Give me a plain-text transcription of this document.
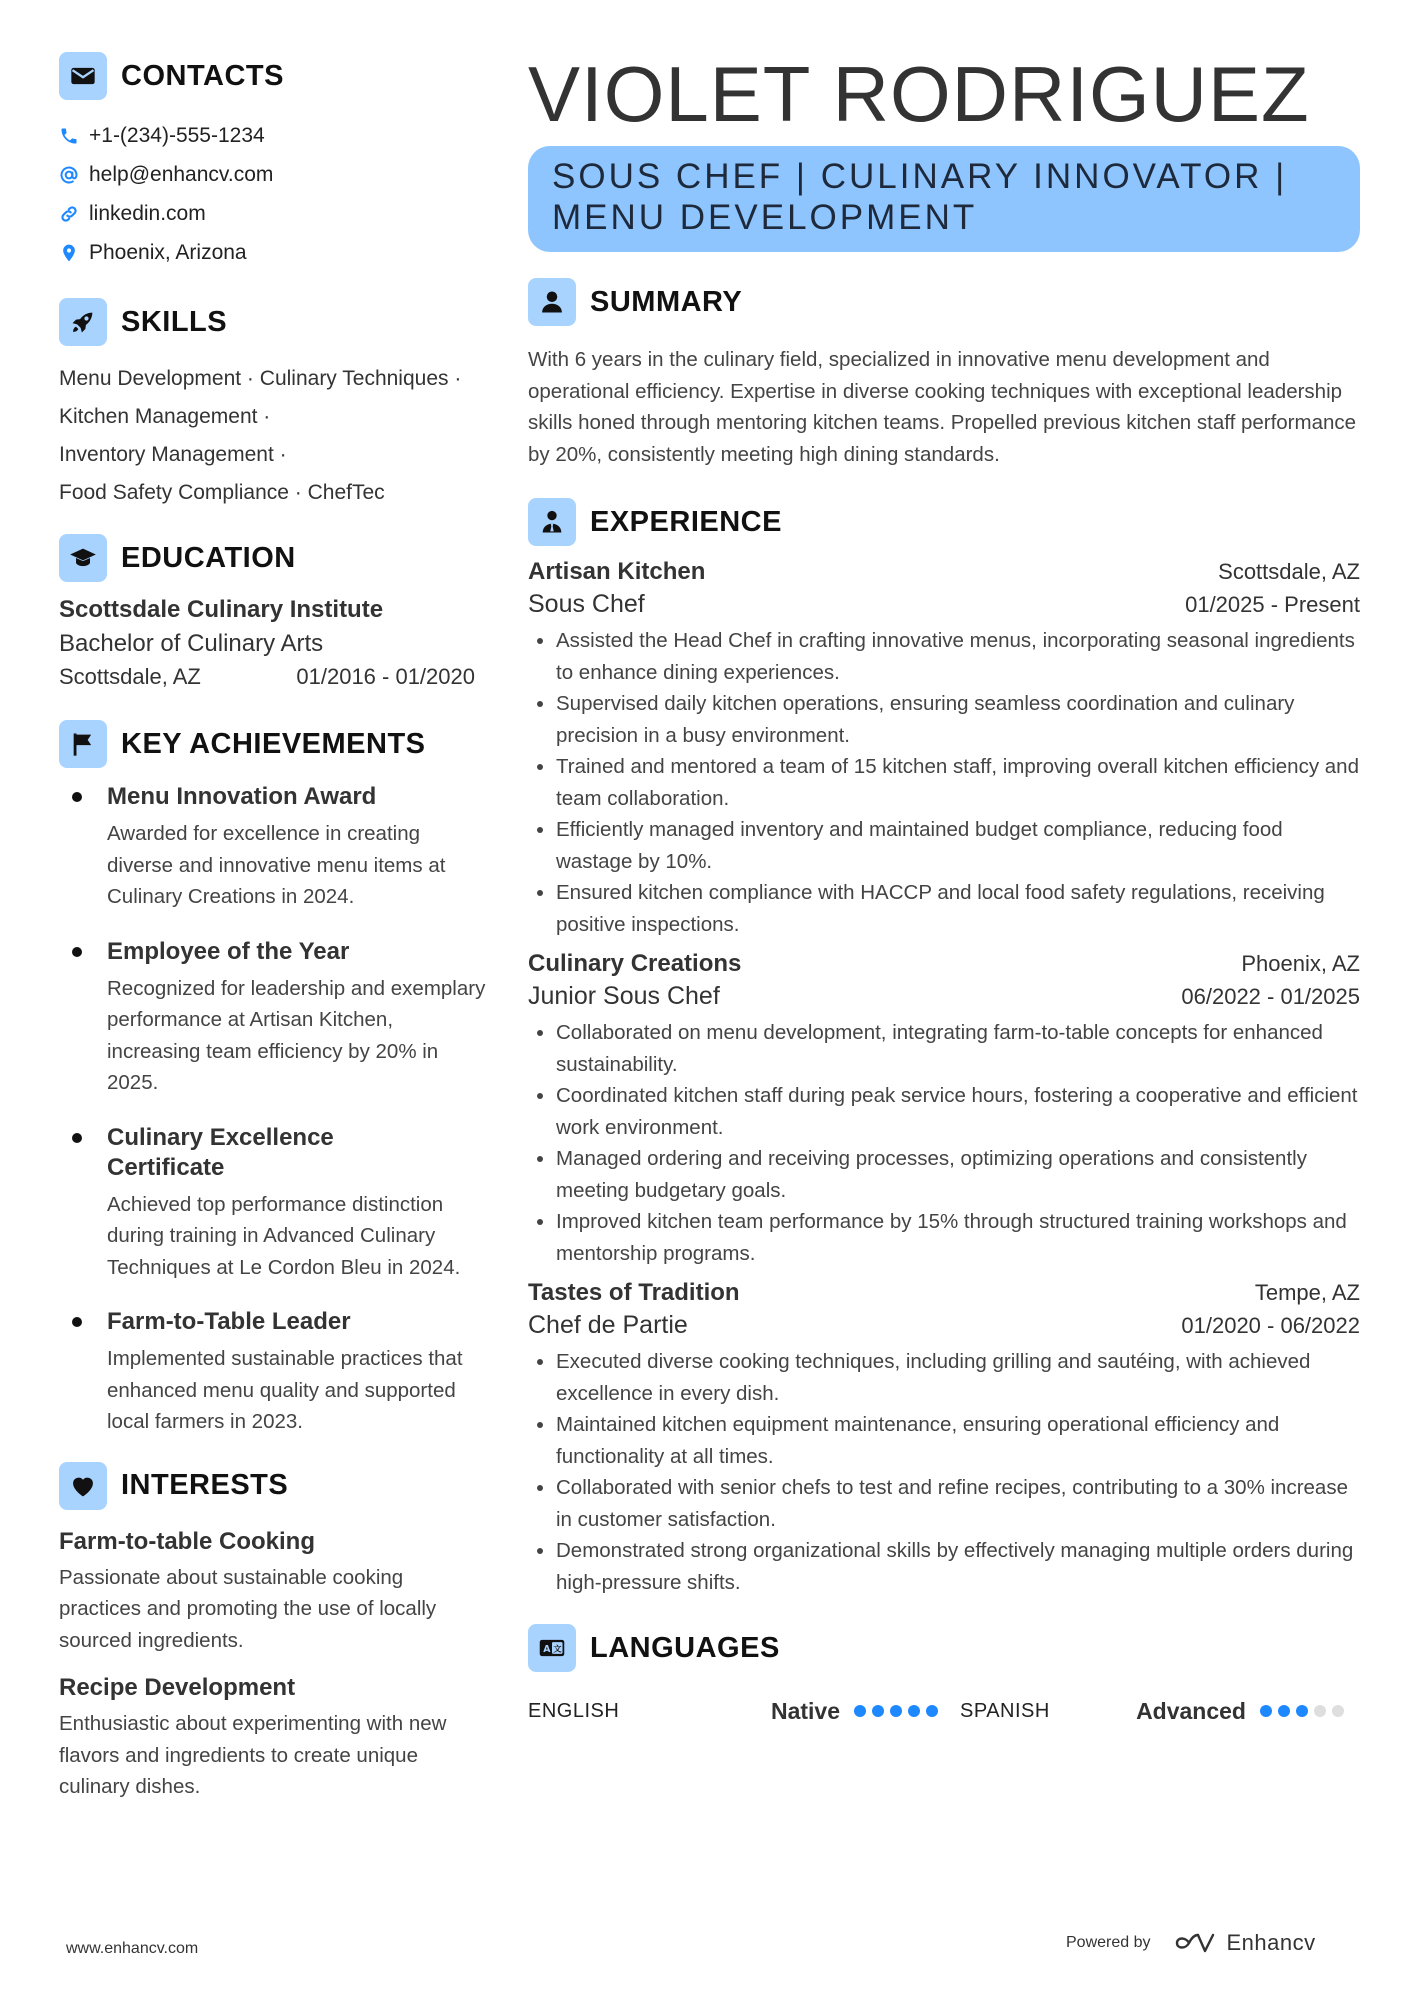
CONTACTS
+1-(234)-555-1234
help@enhancv.com
linkedin.com
Phoenix, Arizona
SKILLS
Menu Development · Culinary Techniques ·
Kitchen Management ·
Inventory Management ·
Food Safety Compliance · ChefTec
EDUCATION
Scottsdale Culinary Institute
Bachelor of Culinary Arts
Scottsdale, AZ	01/2016 - 01/2020
KEY ACHIEVEMENTS
Menu Innovation Award
Awarded for excellence in creating diverse and innovative menu items at Culinary Creations in 2024.
Employee of the Year
Recognized for leadership and exemplary performance at Artisan Kitchen, increasing team efficiency by 20% in 2025.
Culinary Excellence Certificate
Achieved top performance distinction during training in Advanced Culinary Techniques at Le Cordon Bleu in 2024.
Farm-to-Table Leader
Implemented sustainable practices that enhanced menu quality and supported local farmers in 2023.
INTERESTS
Farm-to-table Cooking
Passionate about sustainable cooking practices and promoting the use of locally sourced ingredients.
Recipe Development
Enthusiastic about experimenting with new flavors and ingredients to create unique culinary dishes.
VIOLET RODRIGUEZ
SOUS CHEF | CULINARY INNOVATOR | MENU DEVELOPMENT
SUMMARY
With 6 years in the culinary field, specialized in innovative menu development and operational efficiency. Expertise in diverse cooking techniques with exceptional leadership skills honed through mentoring kitchen teams. Propelled previous kitchen staff performance by 20%, consistently meeting high dining standards.
EXPERIENCE
Artisan Kitchen	Scottsdale, AZ
Sous Chef	01/2025 - Present
Assisted the Head Chef in crafting innovative menus, incorporating seasonal ingredients to enhance dining experiences.
Supervised daily kitchen operations, ensuring seamless coordination and culinary precision in a busy environment.
Trained and mentored a team of 15 kitchen staff, improving overall kitchen efficiency and team collaboration.
Efficiently managed inventory and maintained budget compliance, reducing food wastage by 10%.
Ensured kitchen compliance with HACCP and local food safety regulations, receiving positive inspections.
Culinary Creations	Phoenix, AZ
Junior Sous Chef	06/2022 - 01/2025
Collaborated on menu development, integrating farm-to-table concepts for enhanced sustainability.
Coordinated kitchen staff during peak service hours, fostering a cooperative and efficient work environment.
Managed ordering and receiving processes, optimizing operations and consistently meeting budgetary goals.
Improved kitchen team performance by 15% through structured training workshops and mentorship programs.
Tastes of Tradition	Tempe, AZ
Chef de Partie	01/2020 - 06/2022
Executed diverse cooking techniques, including grilling and sautéing, with achieved excellence in every dish.
Maintained kitchen equipment maintenance, ensuring operational efficiency and functionality at all times.
Collaborated with senior chefs to test and refine recipes, contributing to a 30% increase in customer satisfaction.
Demonstrated strong organizational skills by effectively managing multiple orders during high-pressure shifts.
A 文 LANGUAGES
ENGLISH	Native	SPANISH	Advanced
www.enhancv.com	Powered by	Enhancv
